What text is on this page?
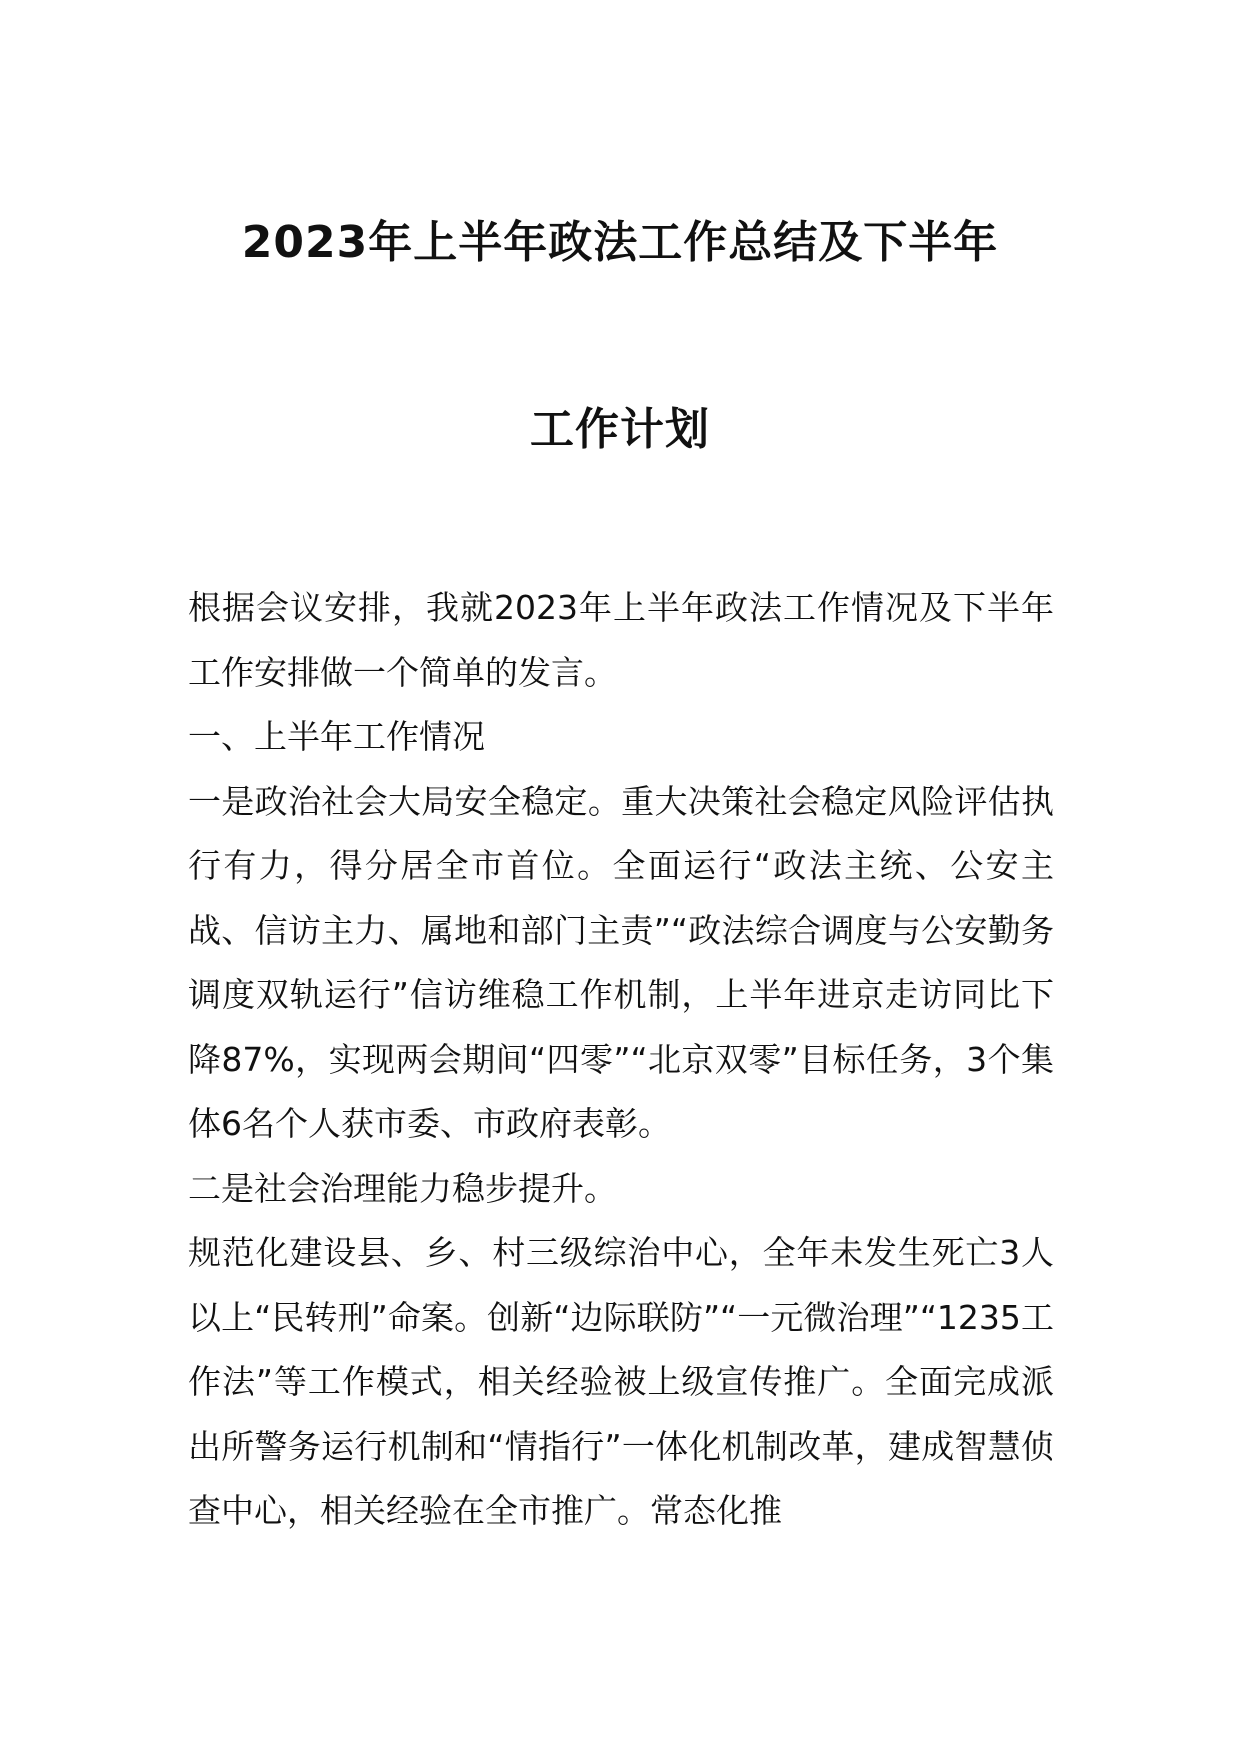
2023年上半年政法工作总结及下半年
工作计划

根据会议安排，我就2023年上半年政法工作情况及下半年工作安排做一个简单的发言。

一、上半年工作情况

一是政治社会大局安全稳定。重大决策社会稳定风险评估执行有力，得分居全市首位。全面运行“政法主统、公安主战、信访主力、属地和部门主责”“政法综合调度与公安勤务调度双轨运行”信访维稳工作机制，上半年进京走访同比下降87%，实现两会期间“四零”“北京双零”目标任务，3个集体6名个人获市委、市政府表彰。

二是社会治理能力稳步提升。

规范化建设县、乡、村三级综治中心，全年未发生死亡3人以上“民转刑”命案。创新“边际联防”“一元微治理”“1235工作法”等工作模式，相关经验被上级宣传推广。全面完成派出所警务运行机制和“情指行”一体化机制改革，建成智慧侦查中心，相关经验在全市推广。常态化推
